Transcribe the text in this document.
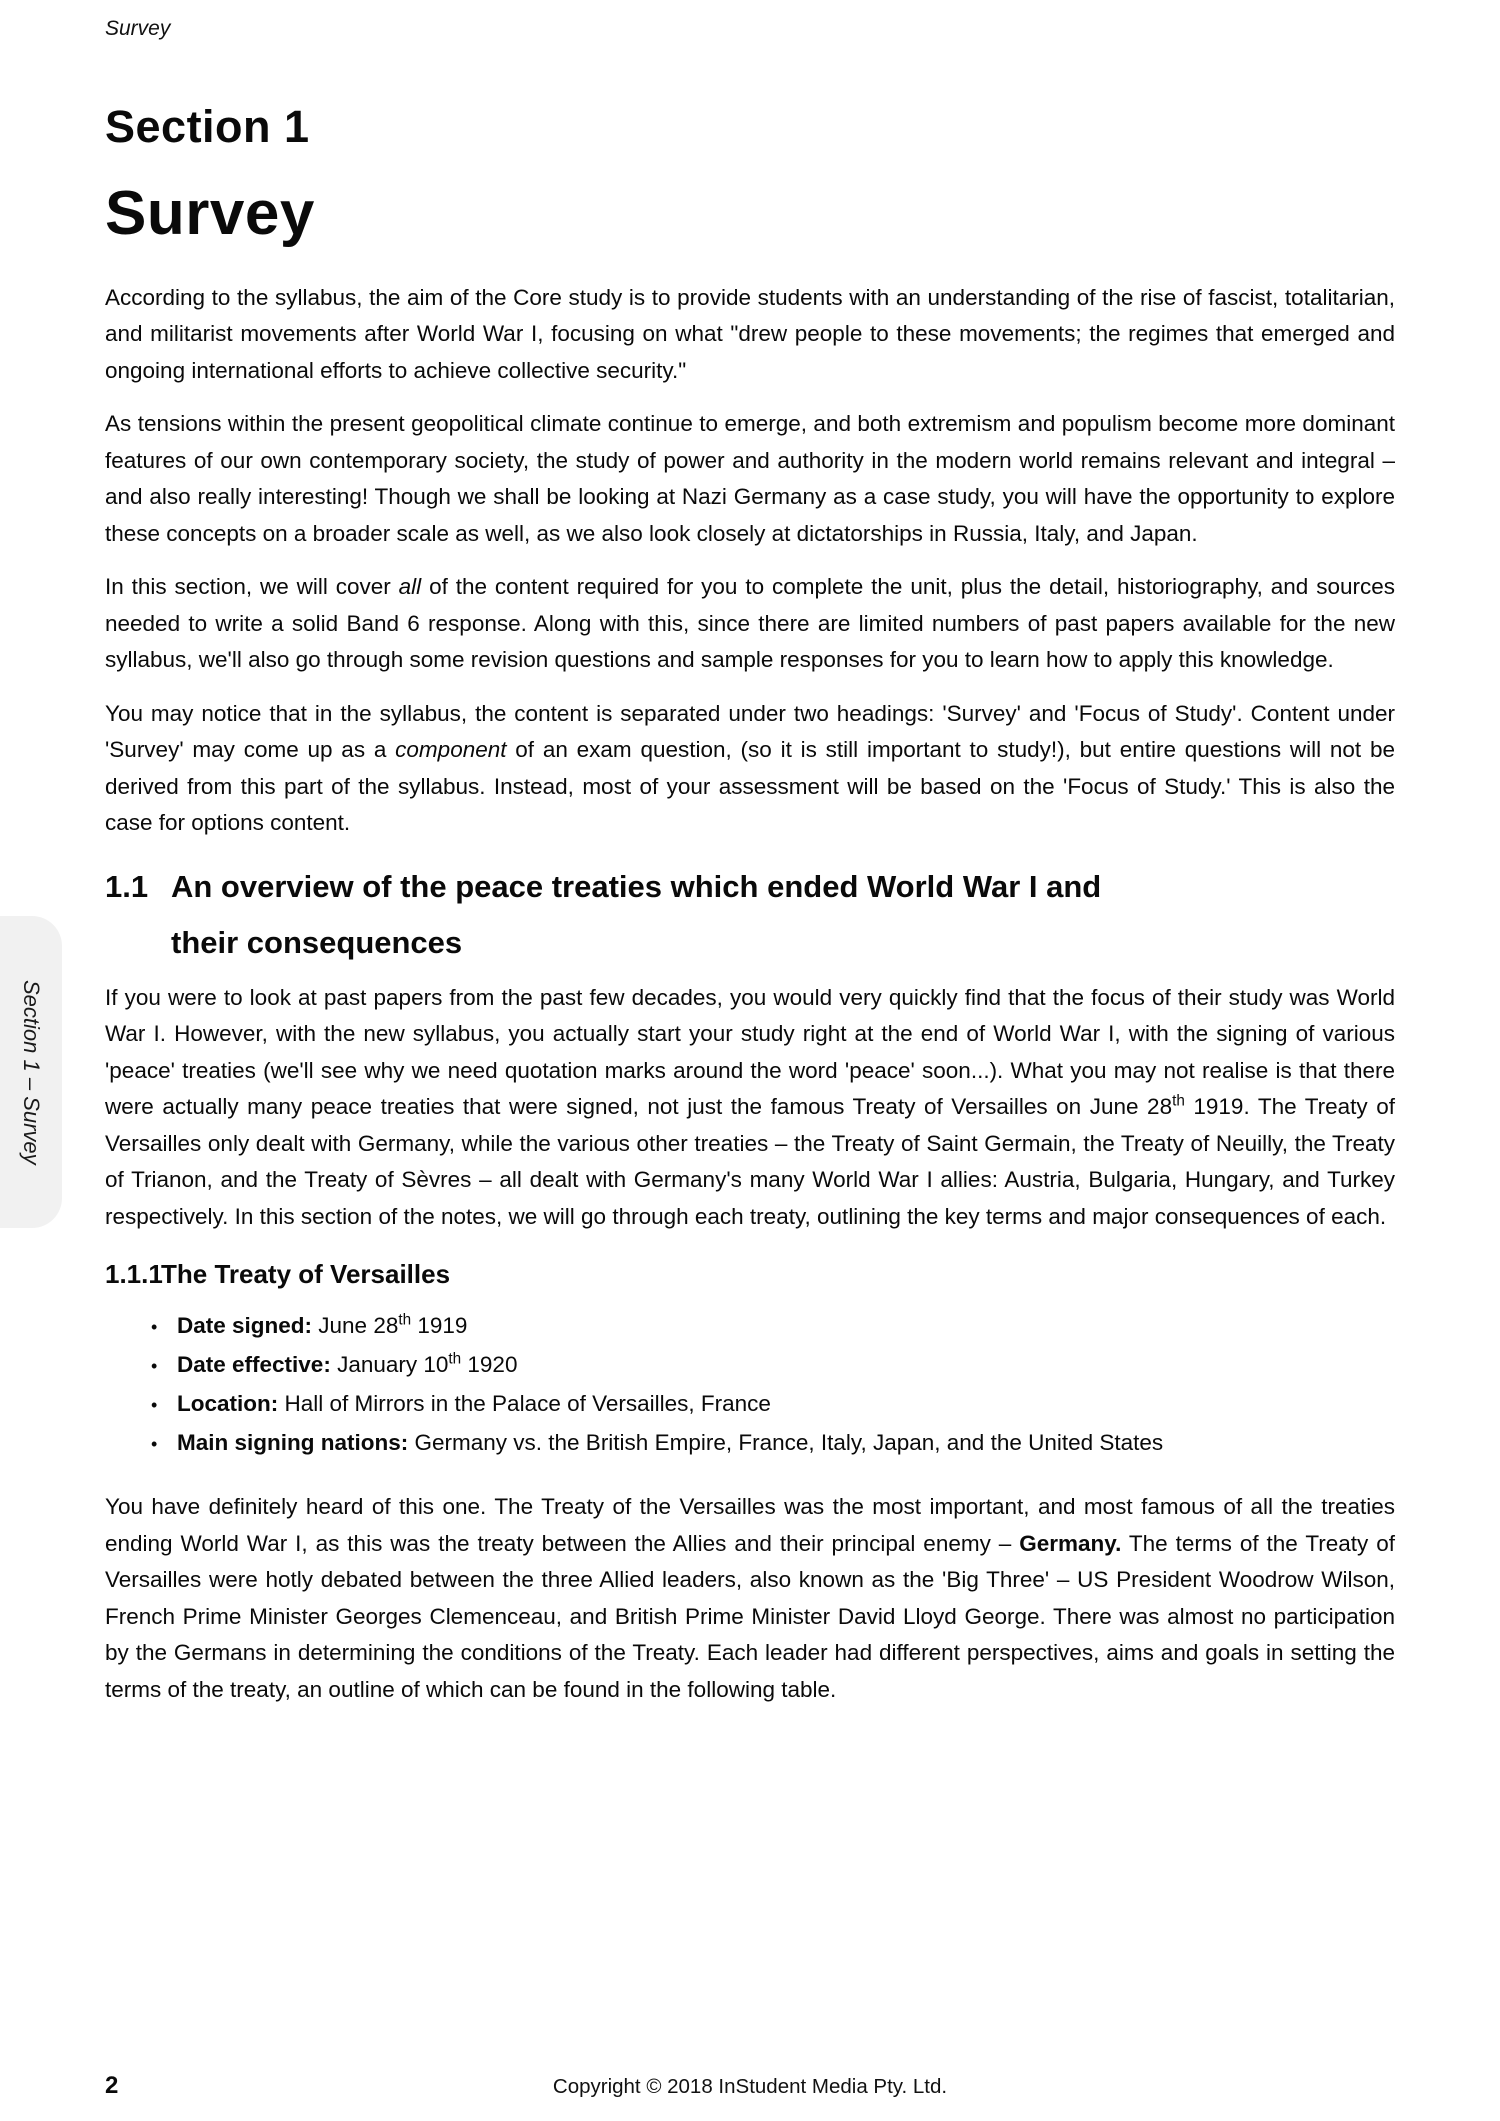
Survey
Section 1
Survey

According to the syllabus, the aim of the Core study is to provide students with an understanding of the rise of fascist, totalitarian, and militarist movements after World War I, focusing on what "drew people to these movements; the regimes that emerged and ongoing international efforts to achieve collective security."

As tensions within the present geopolitical climate continue to emerge, and both extremism and populism become more dominant features of our own contemporary society, the study of power and authority in the modern world remains relevant and integral – and also really interesting! Though we shall be looking at Nazi Germany as a case study, you will have the opportunity to explore these concepts on a broader scale as well, as we also look closely at dictatorships in Russia, Italy, and Japan.

In this section, we will cover all of the content required for you to complete the unit, plus the detail, historiography, and sources needed to write a solid Band 6 response. Along with this, since there are limited numbers of past papers available for the new syllabus, we'll also go through some revision questions and sample responses for you to learn how to apply this knowledge.

You may notice that in the syllabus, the content is separated under two headings: 'Survey' and 'Focus of Study'. Content under 'Survey' may come up as a component of an exam question, (so it is still important to study!), but entire questions will not be derived from this part of the syllabus. Instead, most of your assessment will be based on the 'Focus of Study.' This is also the case for options content.

1.1 An overview of the peace treaties which ended World War I and
their consequences

If you were to look at past papers from the past few decades, you would very quickly find that the focus of their study was World War I. However, with the new syllabus, you actually start your study right at the end of World War I, with the signing of various 'peace' treaties (we'll see why we need quotation marks around the word 'peace' soon...). What you may not realise is that there were actually many peace treaties that were signed, not just the famous Treaty of Versailles on June 28th 1919. The Treaty of Versailles only dealt with Germany, while the various other treaties – the Treaty of Saint Germain, the Treaty of Neuilly, the Treaty of Trianon, and the Treaty of Sèvres – all dealt with Germany's many World War I allies: Austria, Bulgaria, Hungary, and Turkey respectively. In this section of the notes, we will go through each treaty, outlining the key terms and major consequences of each.

1.1.1
The Treaty of Versailles
• Date signed: June 28th 1919
• Date effective: January 10th 1920
• Location: Hall of Mirrors in the Palace of Versailles, France
• Main signing nations: Germany vs. the British Empire, France, Italy, Japan, and the United States

You have definitely heard of this one. The Treaty of the Versailles was the most important, and most famous of all the treaties ending World War I, as this was the treaty between the Allies and their principal enemy – Germany. The terms of the Treaty of Versailles were hotly debated between the three Allied leaders, also known as the 'Big Three' – US President Woodrow Wilson, French Prime Minister Georges Clemenceau, and British Prime Minister David Lloyd George. There was almost no participation by the Germans in determining the conditions of the Treaty. Each leader had different perspectives, aims and goals in setting the terms of the treaty, an outline of which can be found in the following table.

Section 1 – Survey
2	Copyright © 2018 InStudent Media Pty. Ltd.
